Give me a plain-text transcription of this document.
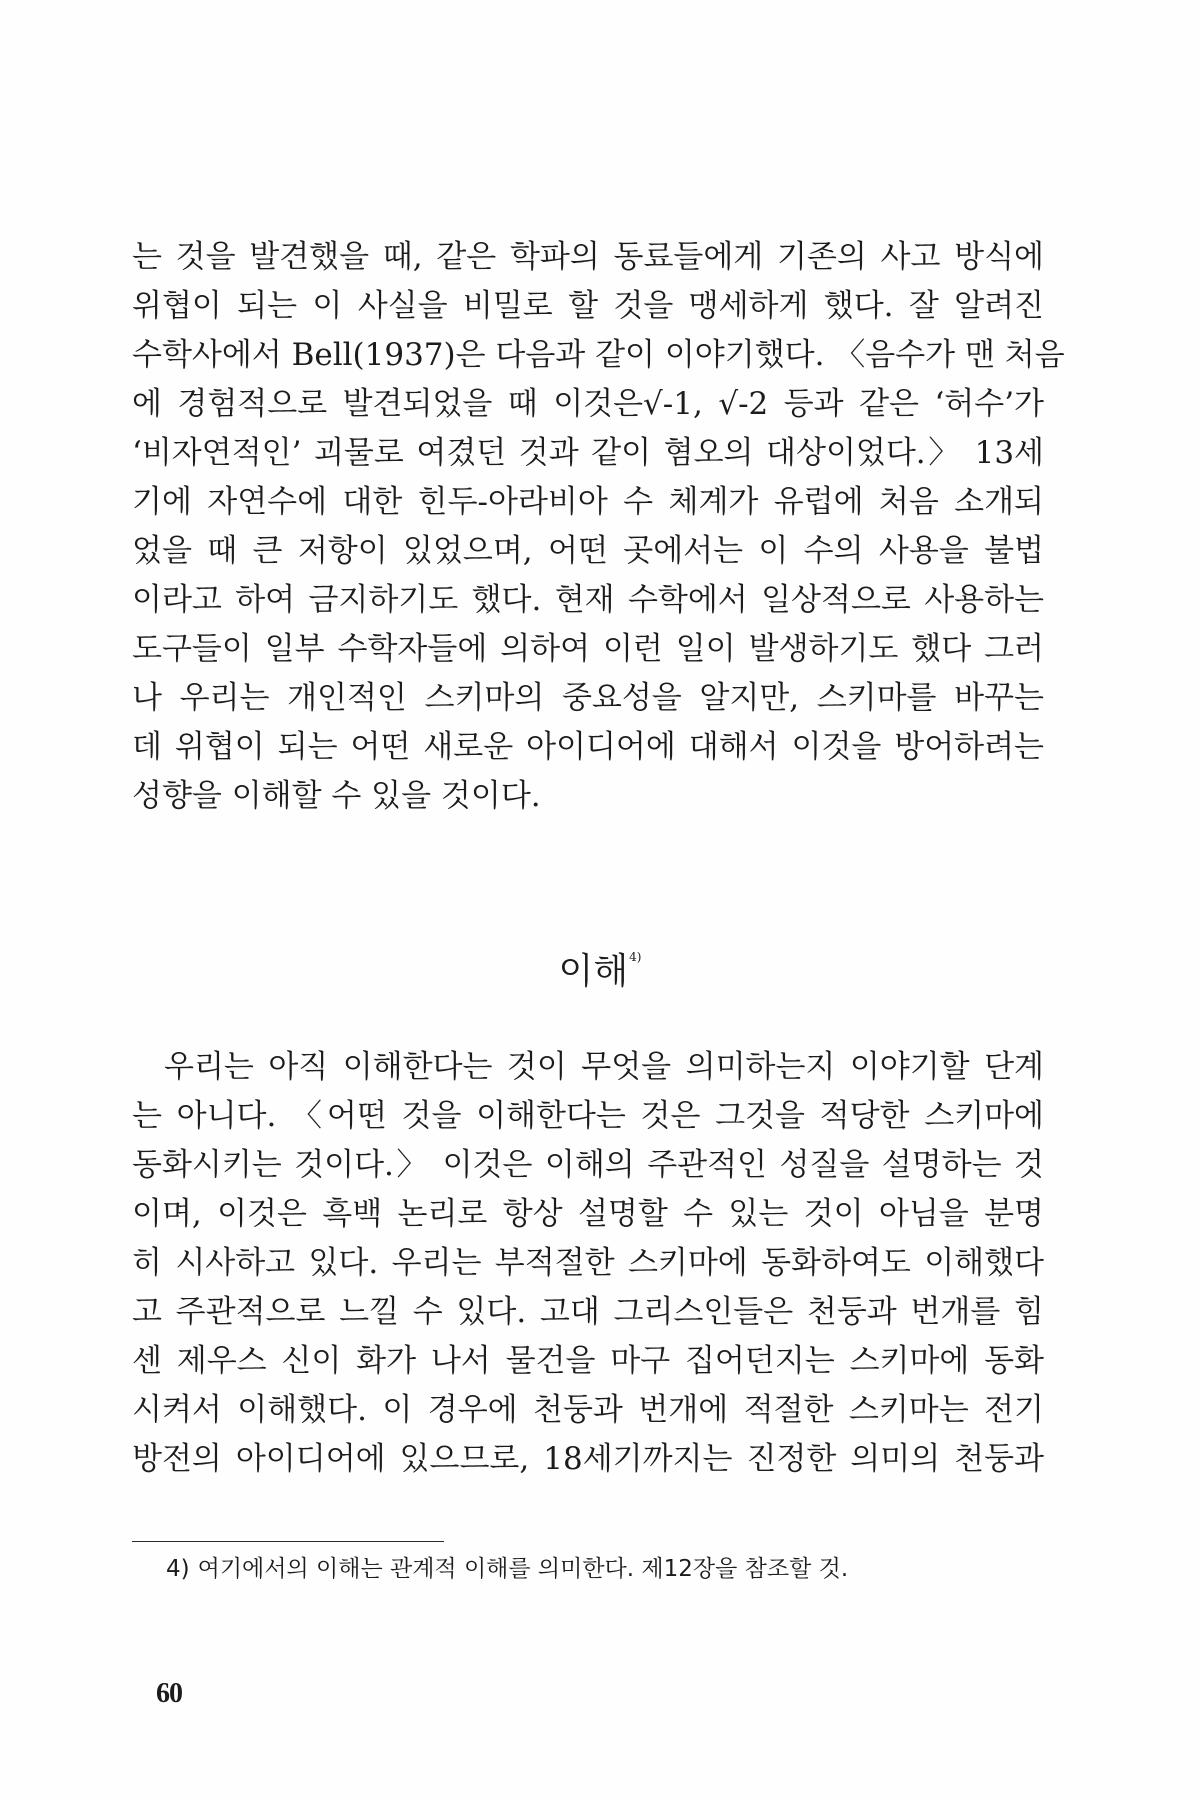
는 것을 발견했을 때, 같은 학파의 동료들에게 기존의 사고 방식에
위협이 되는 이 사실을 비밀로 할 것을 맹세하게 했다. 잘 알려진
수학사에서 Bell(1937)은 다음과 같이 이야기했다. 〈음수가 맨 처음
에 경험적으로 발견되었을 때 이것은√-1, √-2 등과 같은 ‘허수’가
‘비자연적인’ 괴물로 여겼던 것과 같이 혐오의 대상이었다.〉 13세
기에 자연수에 대한 힌두-아라비아 수 체계가 유럽에 처음 소개되
었을 때 큰 저항이 있었으며, 어떤 곳에서는 이 수의 사용을 불법
이라고 하여 금지하기도 했다. 현재 수학에서 일상적으로 사용하는
도구들이 일부 수학자들에 의하여 이런 일이 발생하기도 했다 그러
나 우리는 개인적인 스키마의 중요성을 알지만, 스키마를 바꾸는
데 위협이 되는 어떤 새로운 아이디어에 대해서 이것을 방어하려는
성향을 이해할 수 있을 것이다.
이해$^{4)}$
우리는 아직 이해한다는 것이 무엇을 의미하는지 이야기할 단계
는 아니다. 〈어떤 것을 이해한다는 것은 그것을 적당한 스키마에
동화시키는 것이다.〉 이것은 이해의 주관적인 성질을 설명하는 것
이며, 이것은 흑백 논리로 항상 설명할 수 있는 것이 아님을 분명
히 시사하고 있다. 우리는 부적절한 스키마에 동화하여도 이해했다
고 주관적으로 느낄 수 있다. 고대 그리스인들은 천둥과 번개를 힘
센 제우스 신이 화가 나서 물건을 마구 집어던지는 스키마에 동화
시켜서 이해했다. 이 경우에 천둥과 번개에 적절한 스키마는 전기
방전의 아이디어에 있으므로, 18세기까지는 진정한 의미의 천둥과
4) 여기에서의 이해는 관계적 이해를 의미한다. 제12장을 참조할 것.
60
